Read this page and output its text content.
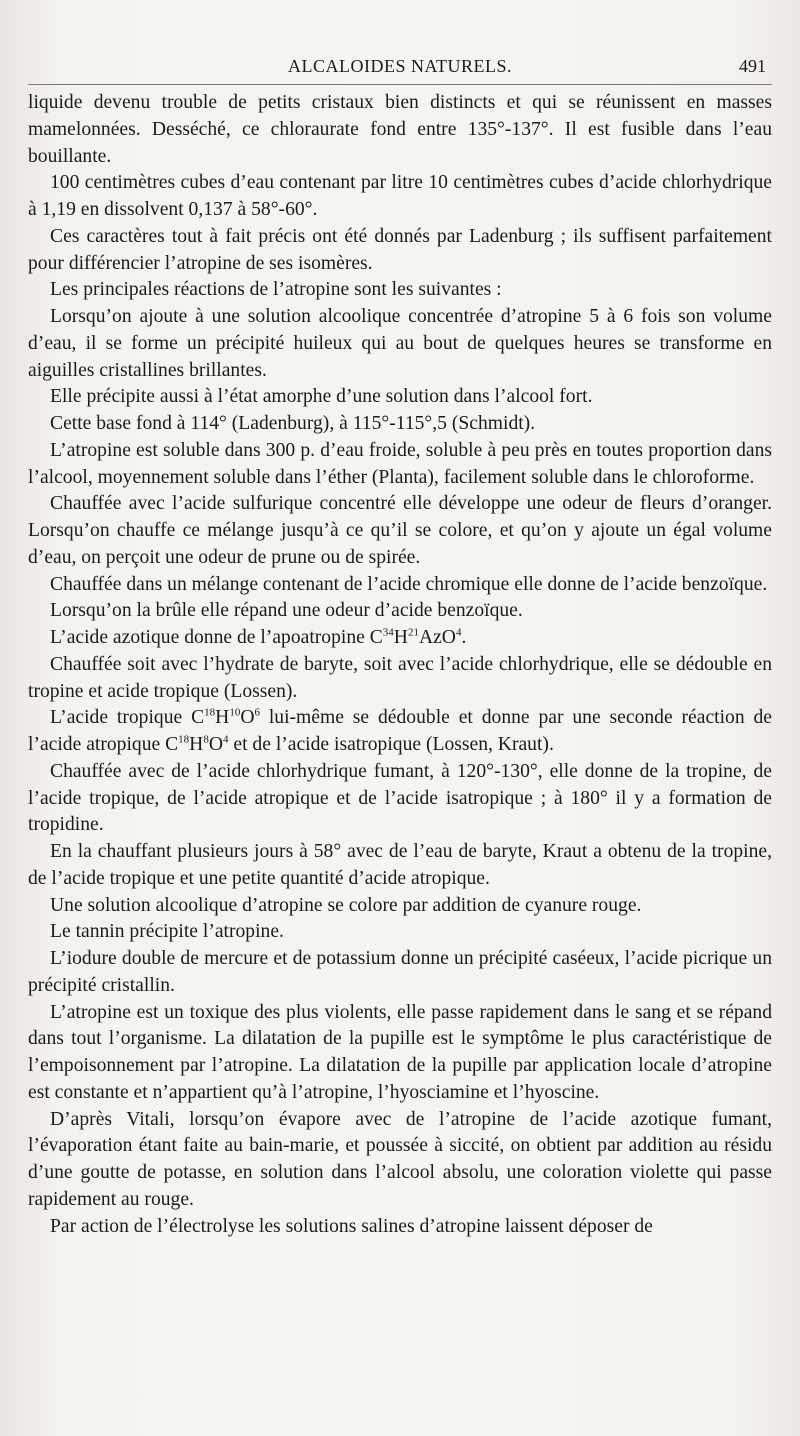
ALCALOIDES NATURELS.	491

liquide devenu trouble de petits cristaux bien distincts et qui se réunissent en masses mamelonnées. Desséché, ce chloraurate fond entre 135°-137°. Il est fusible dans l’eau bouillante.

100 centimètres cubes d’eau contenant par litre 10 centimètres cubes d’acide chlorhydrique à 1,19 en dissolvent 0,137 à 58°-60°.

Ces caractères tout à fait précis ont été donnés par Ladenburg ; ils suffisent parfaitement pour différencier l’atropine de ses isomères.

Les principales réactions de l’atropine sont les suivantes :

Lorsqu’on ajoute à une solution alcoolique concentrée d’atropine 5 à 6 fois son volume d’eau, il se forme un précipité huileux qui au bout de quelques heures se transforme en aiguilles cristallines brillantes.

Elle précipite aussi à l’état amorphe d’une solution dans l’alcool fort.

Cette base fond à 114° (Ladenburg), à 115°-115°,5 (Schmidt).

L’atropine est soluble dans 300 p. d’eau froide, soluble à peu près en toutes proportion dans l’alcool, moyennement soluble dans l’éther (Planta), facilement soluble dans le chloroforme.

Chauffée avec l’acide sulfurique concentré elle développe une odeur de fleurs d’oranger. Lorsqu’on chauffe ce mélange jusqu’à ce qu’il se colore, et qu’on y ajoute un égal volume d’eau, on perçoit une odeur de prune ou de spirée.

Chauffée dans un mélange contenant de l’acide chromique elle donne de l’acide benzoïque.

Lorsqu’on la brûle elle répand une odeur d’acide benzoïque.

L’acide azotique donne de l’apoatropine $C^{34}H^{21}AzO^4$.

Chauffée soit avec l’hydrate de baryte, soit avec l’acide chlorhydrique, elle se dédouble en tropine et acide tropique (Lossen).

L’acide tropique $C^{18}H^{10}O^6$ lui-même se dédouble et donne par une seconde réaction de l’acide atropique $C^{18}H^8O^4$ et de l’acide isatropique (Lossen, Kraut).

Chauffée avec de l’acide chlorhydrique fumant, à 120°-130°, elle donne de la tropine, de l’acide tropique, de l’acide atropique et de l’acide isatropique ; à 180° il y a formation de tropidine.

En la chauffant plusieurs jours à 58° avec de l’eau de baryte, Kraut a obtenu de la tropine, de l’acide tropique et une petite quantité d’acide atropique.

Une solution alcoolique d’atropine se colore par addition de cyanure rouge.

Le tannin précipite l’atropine.

L’iodure double de mercure et de potassium donne un précipité caséeux, l’acide picrique un précipité cristallin.

L’atropine est un toxique des plus violents, elle passe rapidement dans le sang et se répand dans tout l’organisme. La dilatation de la pupille est le symptôme le plus caractéristique de l’empoisonnement par l’atropine. La dilatation de la pupille par application locale d’atropine est constante et n’appartient qu’à l’atropine, l’hyosciamine et l’hyoscine.

D’après Vitali, lorsqu’on évapore avec de l’atropine de l’acide azotique fumant, l’évaporation étant faite au bain-marie, et poussée à siccité, on obtient par addition au résidu d’une goutte de potasse, en solution dans l’alcool absolu, une coloration violette qui passe rapidement au rouge.

Par action de l’électrolyse les solutions salines d’atropine laissent déposer de
